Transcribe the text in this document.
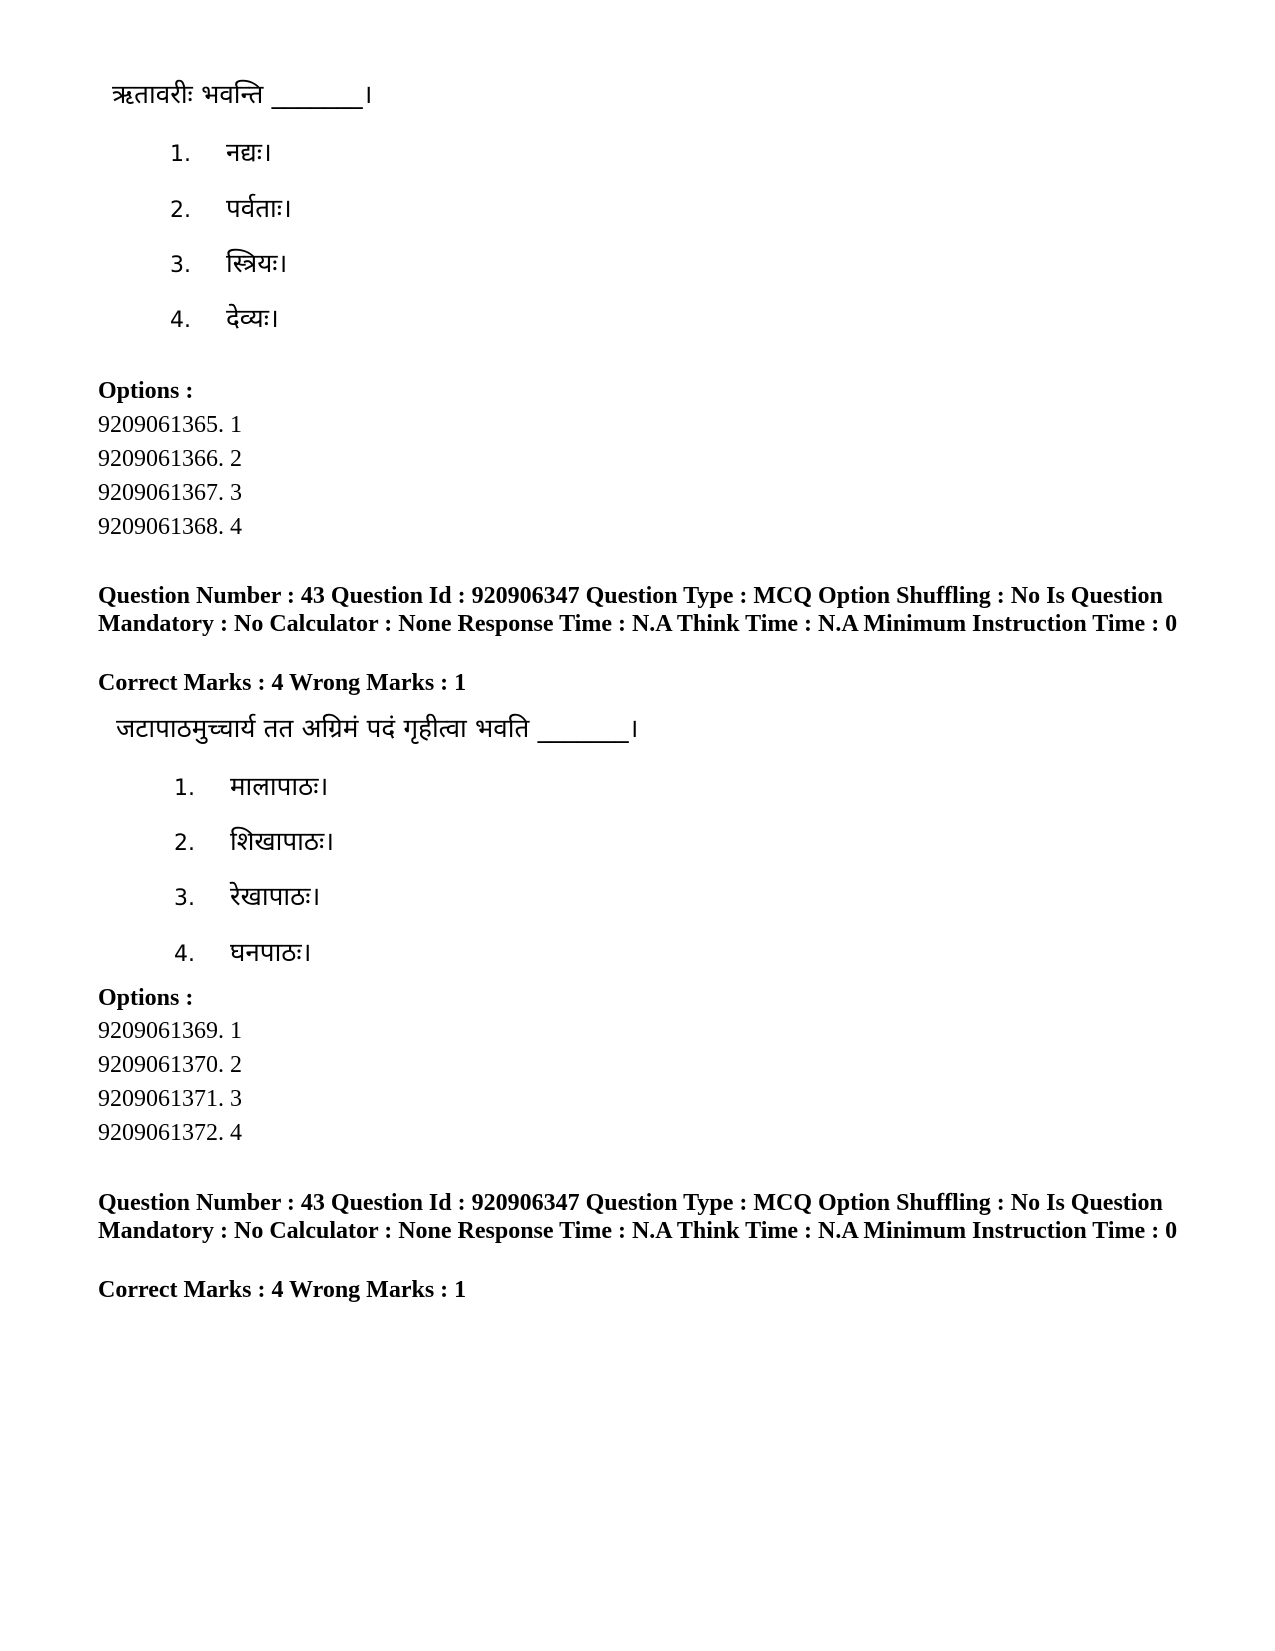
ऋतावरीः भवन्ति _______।
1. नद्यः।
2. पर्वताः।
3. स्त्रियः।
4. देव्यः।
Options :
9209061365. 1
9209061366. 2
9209061367. 3
9209061368. 4
Question Number : 43 Question Id : 920906347 Question Type : MCQ Option Shuffling : No Is Question Mandatory : No Calculator : None Response Time : N.A Think Time : N.A Minimum Instruction Time : 0
Correct Marks : 4 Wrong Marks : 1
जटापाठमुच्चार्य तत अग्रिमं पदं गृहीत्वा भवति _______।
1. मालापाठः।
2. शिखापाठः।
3. रेखापाठः।
4. घनपाठः।
Options :
9209061369. 1
9209061370. 2
9209061371. 3
9209061372. 4
Question Number : 43 Question Id : 920906347 Question Type : MCQ Option Shuffling : No Is Question Mandatory : No Calculator : None Response Time : N.A Think Time : N.A Minimum Instruction Time : 0
Correct Marks : 4 Wrong Marks : 1
